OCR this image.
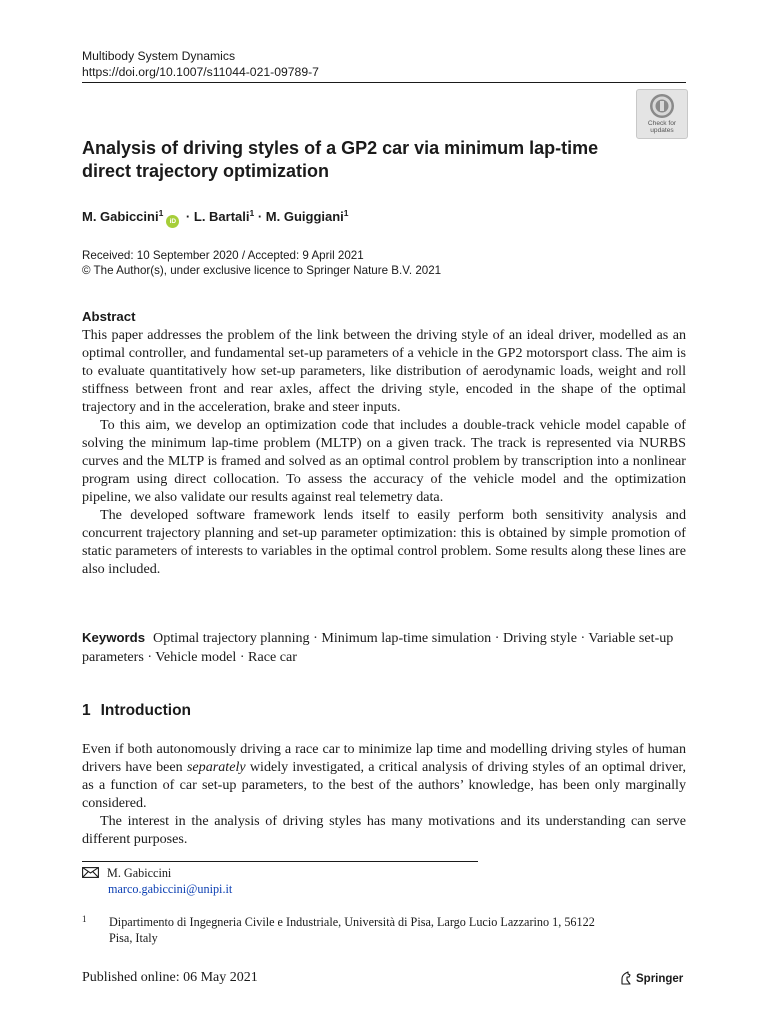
Multibody System Dynamics
https://doi.org/10.1007/s11044-021-09789-7
Check for
updates
Analysis of driving styles of a GP2 car via minimum lap-time
direct trajectory optimization
M. Gabiccini$^1$iD · L. Bartali$^1$ · M. Guiggiani$^1$
Received: 10 September 2020 / Accepted: 9 April 2021
© The Author(s), under exclusive licence to Springer Nature B.V. 2021
Abstract

This paper addresses the problem of the link between the driving style of an ideal driver, modelled as an optimal controller, and fundamental set-up parameters of a vehicle in the GP2 motorsport class. The aim is to evaluate quantitatively how set-up parameters, like distribution of aerodynamic loads, weight and roll stiffness between front and rear axles, affect the driving style, encoded in the shape of the optimal trajectory and in the acceleration, brake and steer inputs.

To this aim, we develop an optimization code that includes a double-track vehicle model capable of solving the minimum lap-time problem (MLTP) on a given track. The track is represented via NURBS curves and the MLTP is framed and solved as an optimal control problem by transcription into a nonlinear program using direct collocation. To assess the accuracy of the vehicle model and the optimization pipeline, we also validate our results against real telemetry data.

The developed software framework lends itself to easily perform both sensitivity analysis and concurrent trajectory planning and set-up parameter optimization: this is obtained by simple promotion of static parameters of interests to variables in the optimal control problem. Some results along these lines are also included.

Keywords Optimal trajectory planning · Minimum lap-time simulation · Driving style · Variable set-up parameters · Vehicle model · Race car
1 Introduction

Even if both autonomously driving a race car to minimize lap time and modelling driving styles of human drivers have been separately widely investigated, a critical analysis of driving styles of an optimal driver, as a function of car set-up parameters, to the best of the authors’ knowledge, has been only marginally considered.

The interest in the analysis of driving styles has many motivations and its understanding can serve different purposes.

M. Gabiccini
marco.gabiccini@unipi.it
1 Dipartimento di Ingegneria Civile e Industriale, Università di Pisa, Largo Lucio Lazzarino 1, 56122
Pisa, Italy
Published online: 06 May 2021	Springer
